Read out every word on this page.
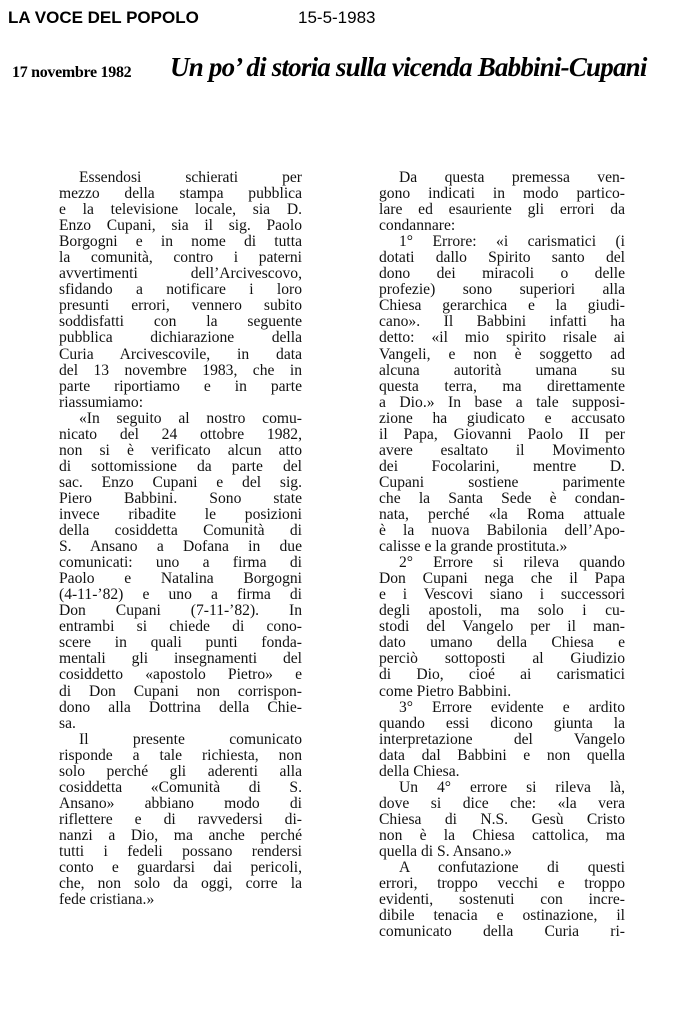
LA VOCE DEL POPOLO	15-5-1983
17 novembre 1982 Un po’ di storia sulla vicenda Babbini-Cupani
Essendosi schierati per
mezzo della stampa pubblica
e la televisione locale, sia D.
Enzo Cupani, sia il sig. Paolo
Borgogni e in nome di tutta
la comunità, contro i paterni
avvertimenti dell’Arcivescovo,
sfidando a notificare i loro
presunti errori, vennero subito
soddisfatti con la seguente
pubblica dichiarazione della
Curia Arcivescovile, in data
del 13 novembre 1983, che in
parte riportiamo e in parte
riassumiamo:
«In seguito al nostro comu-
nicato del 24 ottobre 1982,
non si è verificato alcun atto
di sottomissione da parte del
sac. Enzo Cupani e del sig.
Piero Babbini. Sono state
invece ribadite le posizioni
della cosiddetta Comunità di
S. Ansano a Dofana in due
comunicati: uno a firma di
Paolo e Natalina Borgogni
(4-11-’82) e uno a firma di
Don Cupani (7-11-’82). In
entrambi si chiede di cono-
scere in quali punti fonda-
mentali gli insegnamenti del
cosiddetto «apostolo Pietro» e
di Don Cupani non corrispon-
dono alla Dottrina della Chie-
sa.
Il presente comunicato
risponde a tale richiesta, non
solo perché gli aderenti alla
cosiddetta «Comunità di S.
Ansano» abbiano modo di
riflettere e di ravvedersi di-
nanzi a Dio, ma anche perché
tutti i fedeli possano rendersi
conto e guardarsi dai pericoli,
che, non solo da oggi, corre la
fede cristiana.»
Da questa premessa ven-
gono indicati in modo partico-
lare ed esauriente gli errori da
condannare:
1° Errore: «i carismatici (i
dotati dallo Spirito santo del
dono dei miracoli o delle
profezie) sono superiori alla
Chiesa gerarchica e la giudi-
cano». Il Babbini infatti ha
detto: «il mio spirito risale ai
Vangeli, e non è soggetto ad
alcuna autorità umana su
questa terra, ma direttamente
a Dio.» In base a tale supposi-
zione ha giudicato e accusato
il Papa, Giovanni Paolo II per
avere esaltato il Movimento
dei Focolarini, mentre D.
Cupani sostiene parimente
che la Santa Sede è condan-
nata, perché «la Roma attuale
è la nuova Babilonia dell’Apo-
calisse e la grande prostituta.»
2° Errore si rileva quando
Don Cupani nega che il Papa
e i Vescovi siano i successori
degli apostoli, ma solo i cu-
stodi del Vangelo per il man-
dato umano della Chiesa e
perciò sottoposti al Giudizio
di Dio, cioé ai carismatici
come Pietro Babbini.
3° Errore evidente e ardito
quando essi dicono giunta la
interpretazione del Vangelo
data dal Babbini e non quella
della Chiesa.
Un 4° errore si rileva là,
dove si dice che: «la vera
Chiesa di N.S. Gesù Cristo
non è la Chiesa cattolica, ma
quella di S. Ansano.»
A confutazione di questi
errori, troppo vecchi e troppo
evidenti, sostenuti con incre-
dibile tenacia e ostinazione, il
comunicato della Curia ri-
